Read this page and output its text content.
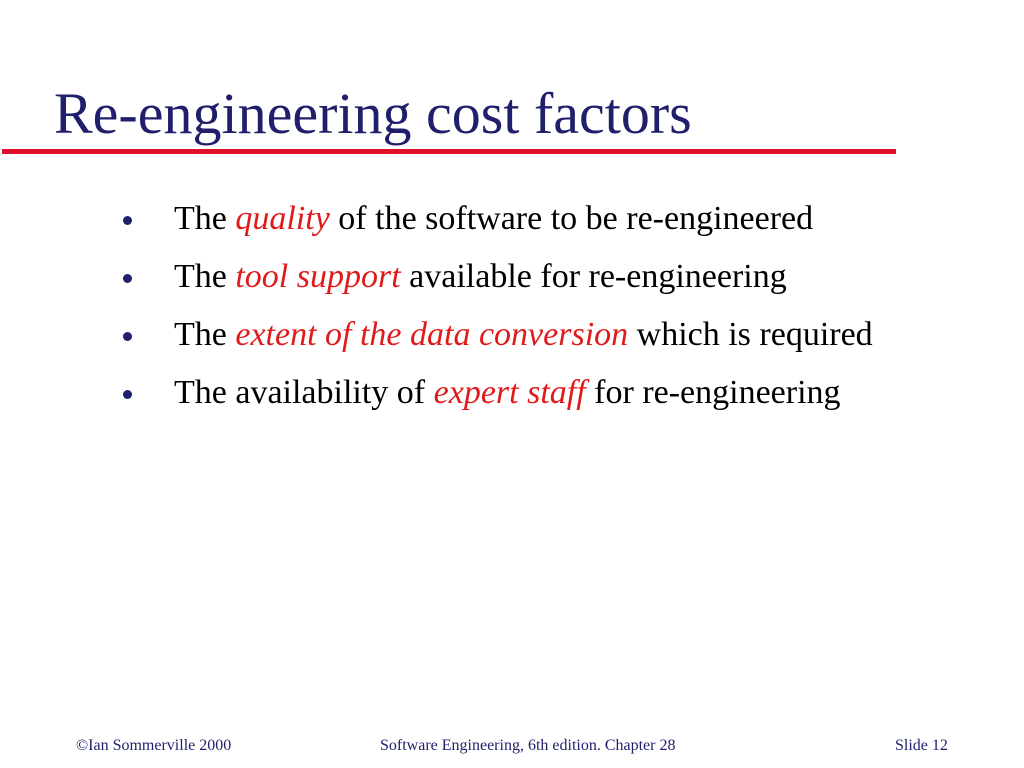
Re-engineering cost factors
The quality of the software to be re-engineered
The tool support available for re-engineering
The extent of the data conversion which is required
The availability of expert staff for re-engineering
©Ian Sommerville 2000	Software Engineering, 6th edition. Chapter 28	Slide 12
